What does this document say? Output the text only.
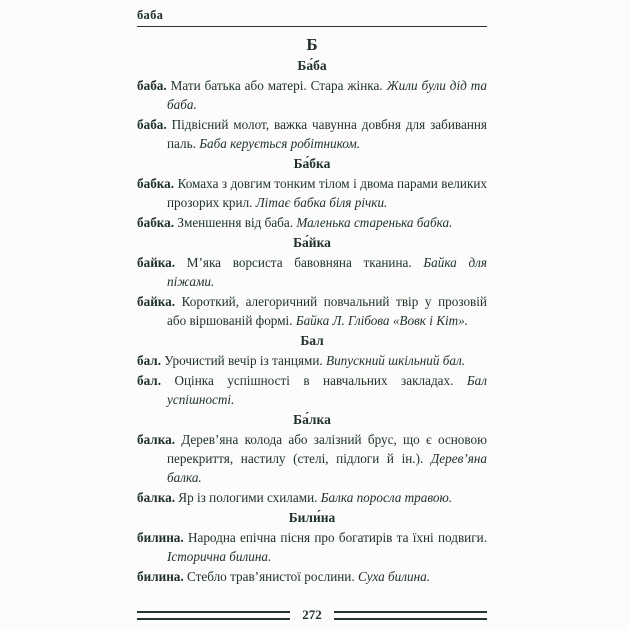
баба
Б
Ба́ба

баба. Мати батька або матері. Стара жінка. Жили були дід та баба.

баба. Підвісний молот, важка чавунна довбня для забивання паль. Баба керується робітником.

Ба́бка

бабка. Комаха з довгим тонким тілом і двома парами великих прозорих крил. Літає бабка біля річки.

бабка. Зменшення від баба. Маленька старенька бабка.

Ба́йка

байка. М’яка ворсиста бавовняна тканина. Байка для піжами.

байка. Короткий, алегоричний повчальний твір у прозовій або віршованій формі. Байка Л. Глібова «Вовк і Кіт».

Бал

бал. Урочистий вечір із танцями. Випускний шкільний бал.

бал. Оцінка успішності в навчальних закладах. Бал успішності.

Ба́лка

балка. Дерев’яна колода або залізний брус, що є основою перекриття, настилу (стелі, підлоги й ін.). Дерев’яна балка.

балка. Яр із пологими схилами. Балка поросла травою.

Били́на

билина. Народна епічна пісня про богатирів та їхні подвиги. Історична билина.

билина. Стебло трав’янистої рослини. Суха билина.

272
